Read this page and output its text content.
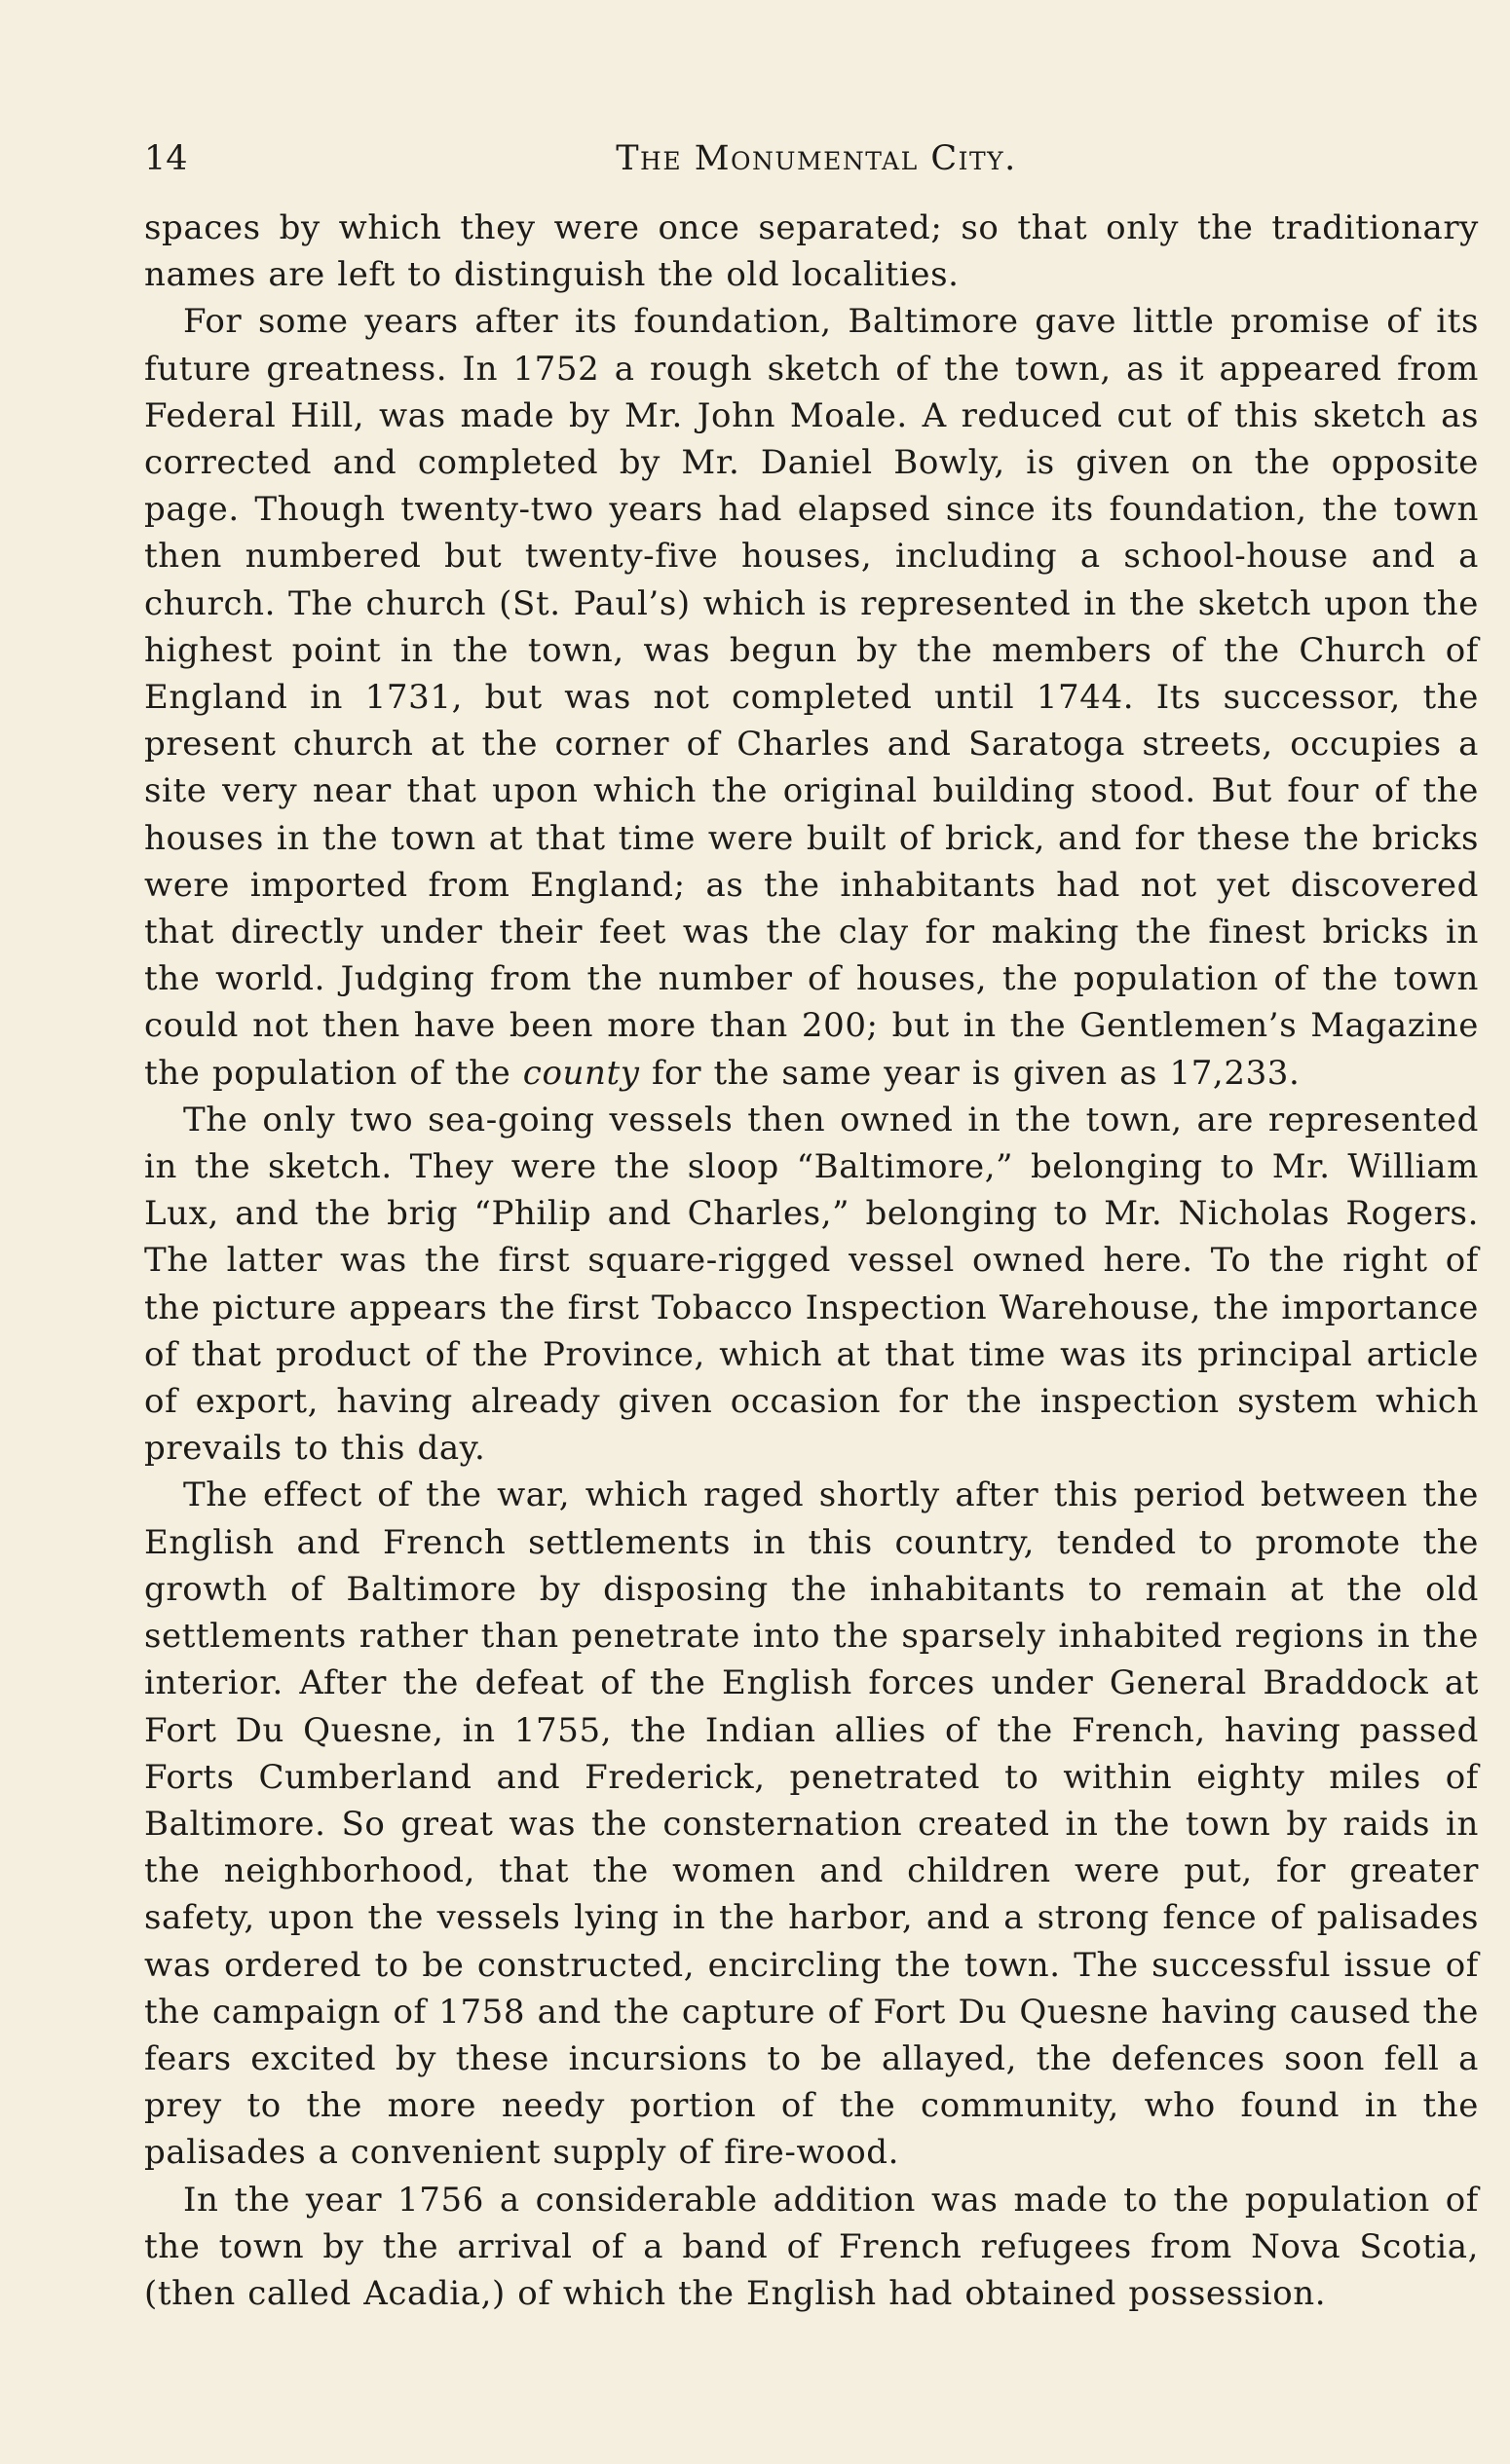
14	The Monumental City.

spaces by which they were once separated; so that only the traditionary names are left to distinguish the old localities.

For some years after its foundation, Baltimore gave little promise of its future greatness. In 1752 a rough sketch of the town, as it appeared from Federal Hill, was made by Mr. John Moale. A reduced cut of this sketch as corrected and completed by Mr. Daniel Bowly, is given on the opposite page. Though twenty-two years had elapsed since its foundation, the town then numbered but twenty-five houses, including a school-house and a church. The church (St. Paul’s) which is represented in the sketch upon the highest point in the town, was begun by the members of the Church of England in 1731, but was not completed until 1744. Its successor, the present church at the corner of Charles and Saratoga streets, occupies a site very near that upon which the original building stood. But four of the houses in the town at that time were built of brick, and for these the bricks were imported from England; as the inhabitants had not yet discovered that directly under their feet was the clay for making the finest bricks in the world. Judging from the number of houses, the population of the town could not then have been more than 200; but in the Gentlemen’s Magazine the population of the county for the same year is given as 17,233.

The only two sea-going vessels then owned in the town, are represented in the sketch. They were the sloop “Baltimore,” belonging to Mr. William Lux, and the brig “Philip and Charles,” belonging to Mr. Nicholas Rogers. The latter was the first square-rigged vessel owned here. To the right of the picture appears the first Tobacco Inspection Warehouse, the importance of that product of the Province, which at that time was its principal article of export, having already given occasion for the inspection system which prevails to this day.

The effect of the war, which raged shortly after this period between the English and French settlements in this country, tended to promote the growth of Baltimore by disposing the inhabitants to remain at the old settlements rather than penetrate into the sparsely inhabited regions in the interior. After the defeat of the English forces under General Braddock at Fort Du Quesne, in 1755, the Indian allies of the French, having passed Forts Cumberland and Frederick, penetrated to within eighty miles of Baltimore. So great was the consternation created in the town by raids in the neighborhood, that the women and children were put, for greater safety, upon the vessels lying in the harbor, and a strong fence of palisades was ordered to be constructed, encircling the town. The successful issue of the campaign of 1758 and the capture of Fort Du Quesne having caused the fears excited by these incursions to be allayed, the defences soon fell a prey to the more needy portion of the community, who found in the palisades a convenient supply of fire-wood.

In the year 1756 a considerable addition was made to the population of the town by the arrival of a band of French refugees from Nova Scotia, (then called Acadia,) of which the English had obtained possession.
